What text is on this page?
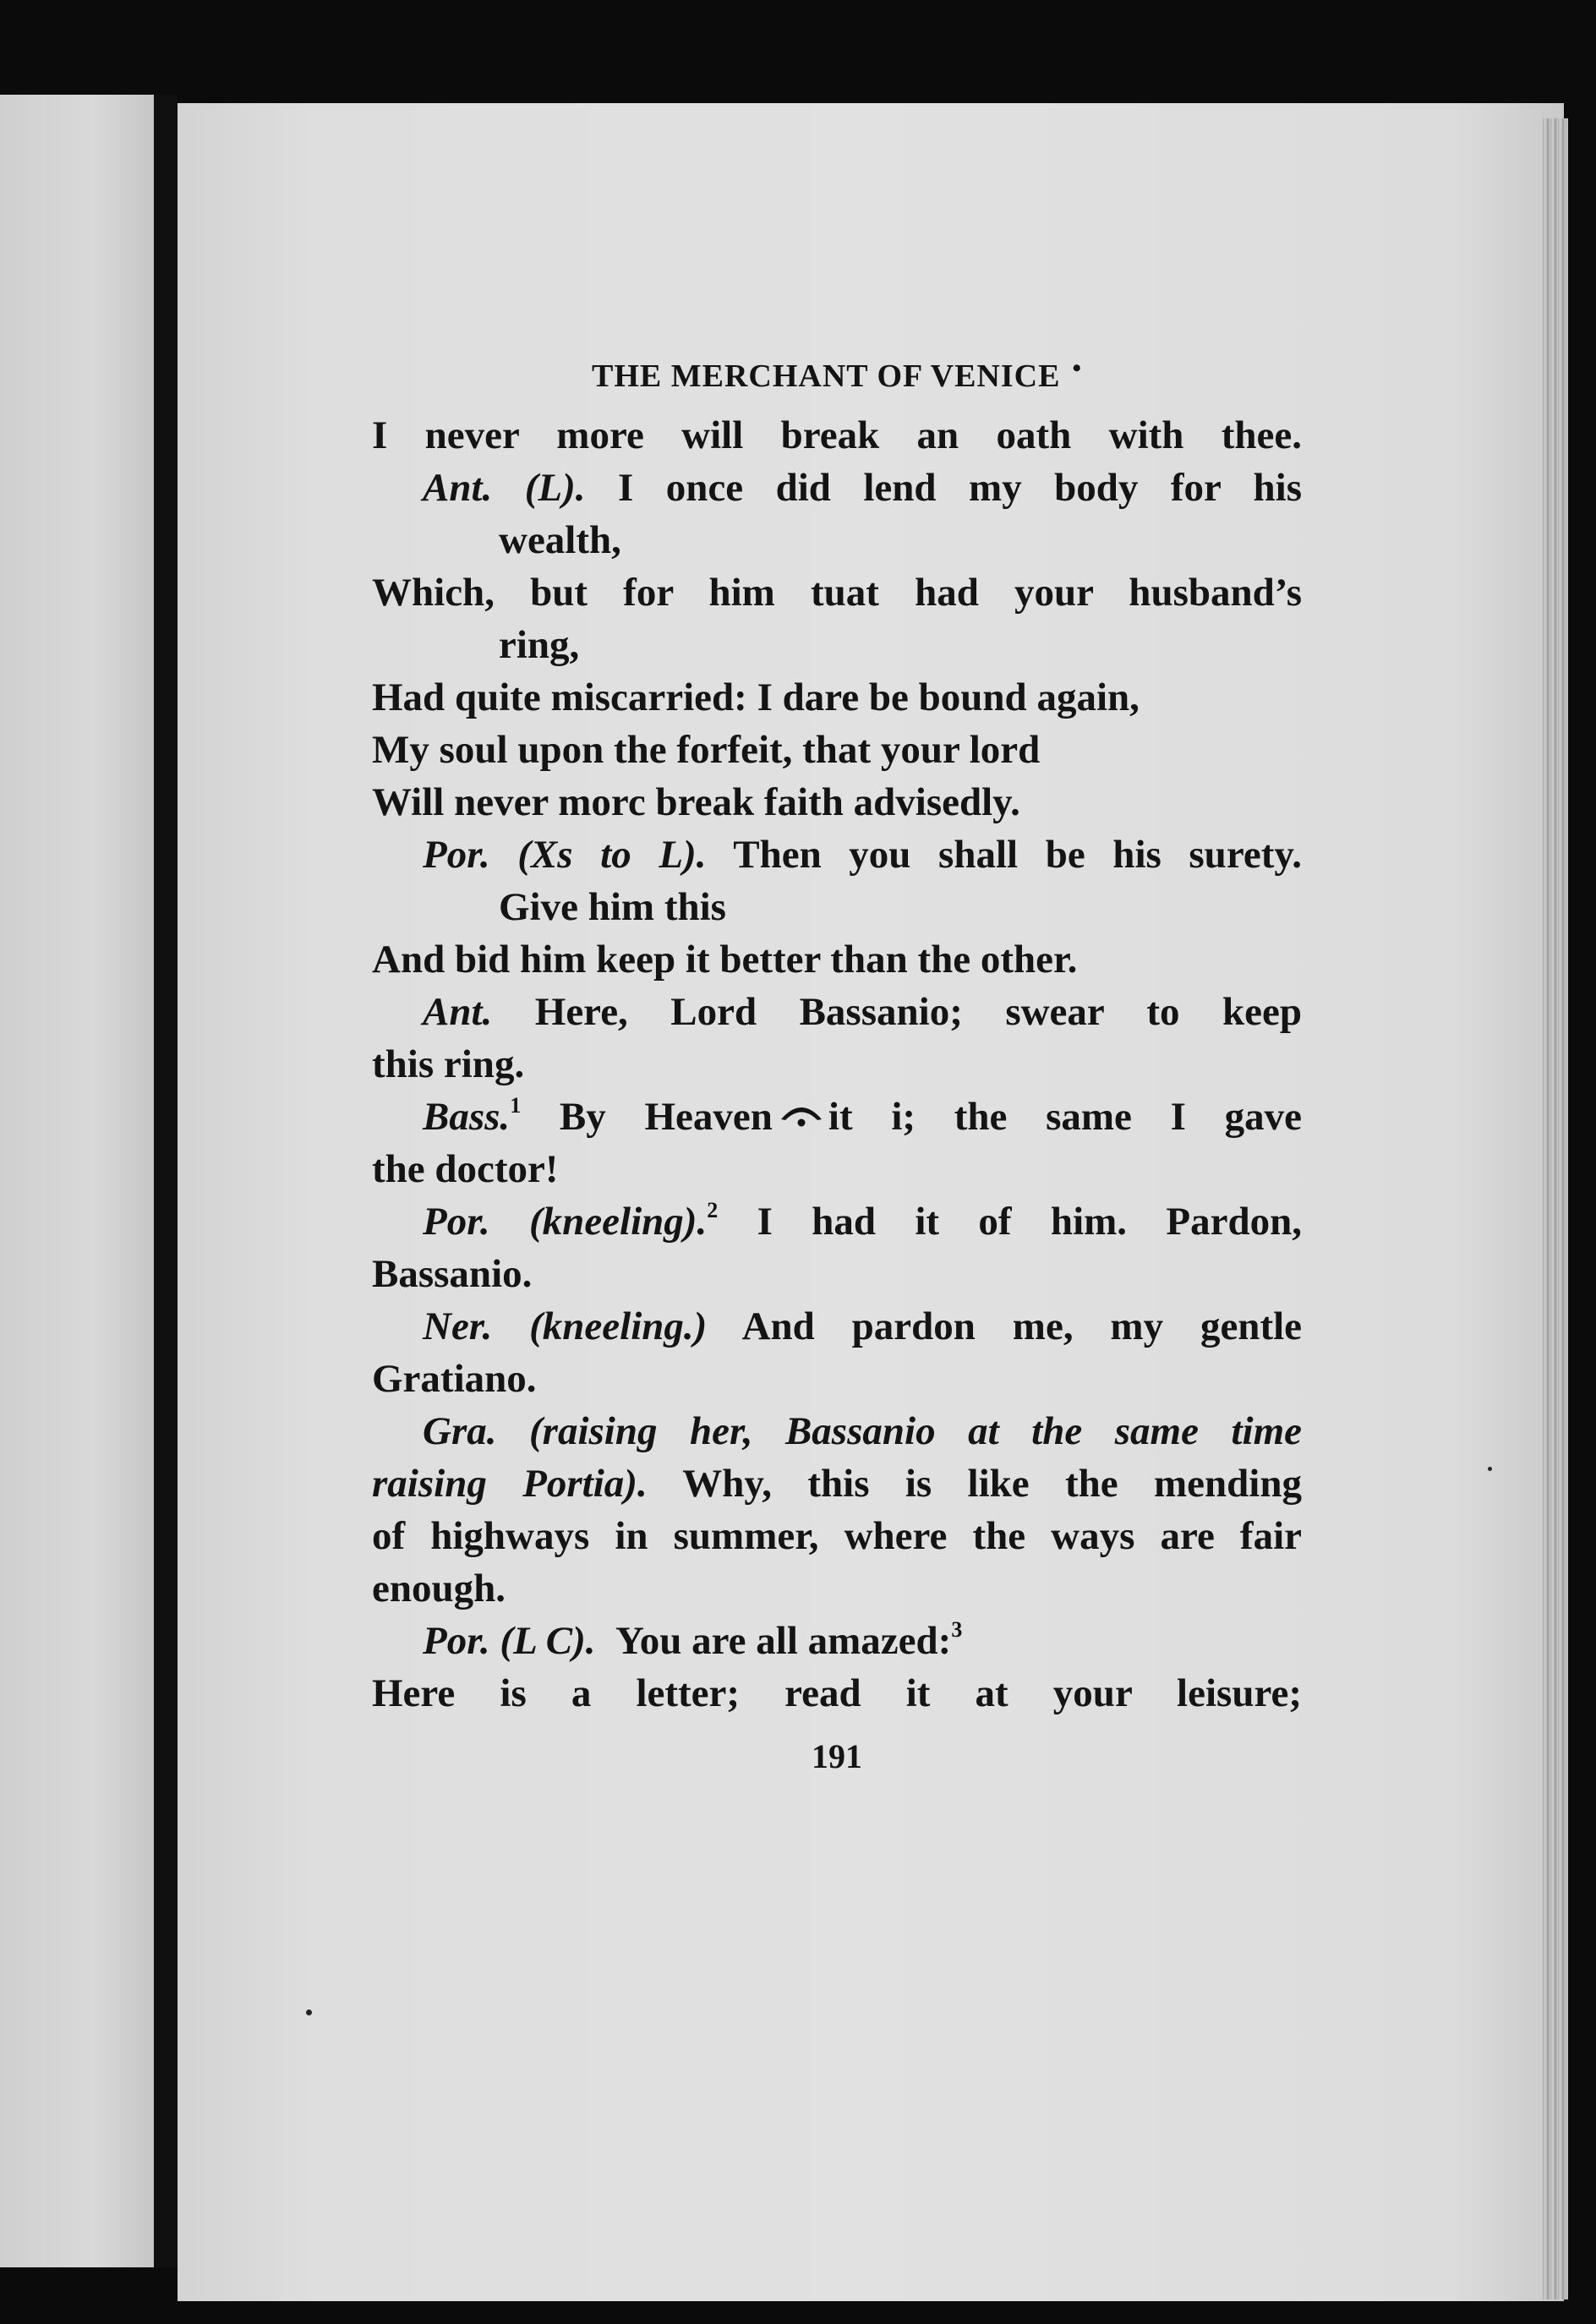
THE MERCHANT OF VENICE •
I never more will break an oath with thee.
Ant. (L). I once did lend my body for his
wealth,
Which, but for him tuat had your husband’s
ring,
Had quite miscarried: I dare be bound again,
My soul upon the forfeit, that your lord
Will never morc break faith advisedly.
Por. (Xs to L). Then you shall be his surety.
Give him this
And bid him keep it better than the other.
Ant. Here, Lord Bassanio; swear to keep
this ring.
Bass.$^1$ By Heaven it i; the same I gave
the doctor!
Por. (kneeling).$^2$ I had it of him. Pardon,
Bassanio.
Ner. (kneeling.) And pardon me, my gentle
Gratiano.
Gra. (raising her, Bassanio at the same time
raising Portia). Why, this is like the mending
of highways in summer, where the ways are fair
enough.
Por. (L C). You are all amazed:$^3$
Here is a letter; read it at your leisure;
191
